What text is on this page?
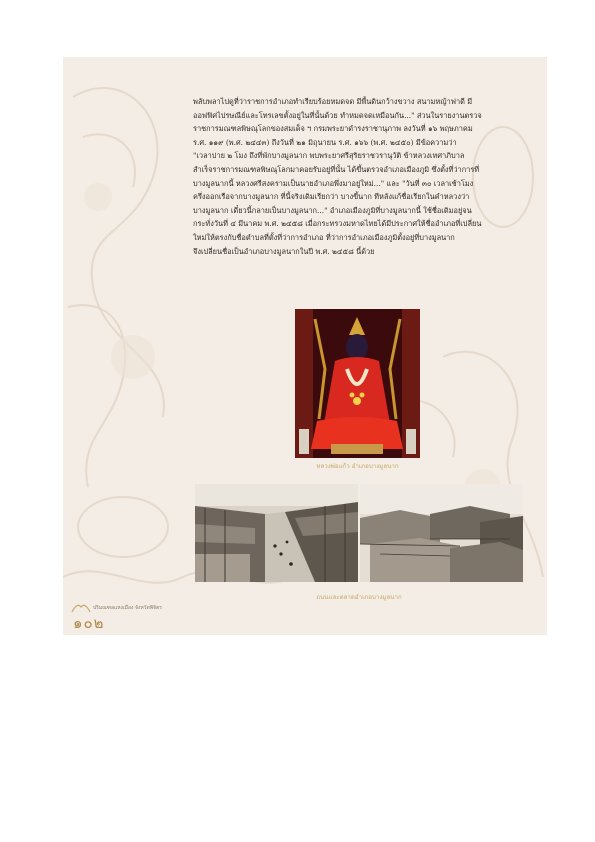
พลับพลาไปดูที่ว่าราชการอำเภอทำเรียบร้อยหมดจด มีพื้นดินกว้างขวาง สนามหญ้าฟาดี มี
ออฟฟิศไปรษณีย์และโทรเลขตั้งอยู่ในที่นั้นด้วย ทำหมดจดเหมือนกัน..." ส่วนในรายงานตรวจ
ราชการมณฑลพิษณุโลกของสมเด็จ ฯ กรมพระยาดำรงราชานุภาพ ลงวันที่ ๑๖ พฤษภาคม
ร.ศ. ๑๑๙ (พ.ศ. ๒๔๔๓) ถึงวันที่ ๒๑ มิถุนายน ร.ศ. ๑๖๖ (พ.ศ. ๒๔๕๐) มีข้อความว่า
"เวลาบ่าย ๒ โมง ถึงที่พักบางมูลนาก พบพระยาศรีสุริยราชวรานุวัติ ข้าหลวงเทศาภิบาล
สำเร็จราชการมณฑลพิษณุโลกมาคอยรับอยู่ที่นั้น ได้ขึ้นตรวจอำเภอเมืองภูมิ ซึ่งตั้งที่ว่าการที่
บางมูลนากนี้ หลวงศรีสงครามเป็นนายอำเภอพึ่งมาอยู่ใหม่..." และ "วันที่ ๓๐ เวลาเช้าโมง
ครึ่งออกเรือจากบางมูลนาก ที่นี้จริงเดิมเรียกว่า บางขี้นาก ทีหลังแก้ชื่อเรียกในคำหลวงว่า
บางมูลนาก เดี๋ยวนี้กลายเป็นบางมูลนาก..." อำเภอเมืองภูมิที่บางมูลนากนี้ ใช้ชื่อเดิมอยู่จน
กระทั่งวันที่ ๔ มีนาคม พ.ศ. ๒๔๕๘ เมื่อกระทรวงมหาดไทยได้มีประกาศให้ชื่ออำเภอที่เปลี่ยน
ใหม่ให้ตรงกับชื่อตำบลที่ตั้งที่ว่าการอำเภอ ที่ว่าการอำเภอเมืองภูมิตั้งอยู่ที่บางมูลนาก
จึงเปลี่ยนชื่อเป็นอำเภอบางมูลนากในปี พ.ศ. ๒๔๕๘ นี้ด้วย
หลวงพ่อแก้ว อำเภอบางมูลนาก
ถนนและตลาดอำเภอบางมูลนาก
ปริมณฑลแหงเมือง จังหวัดพิจิตร
๑๐๒
